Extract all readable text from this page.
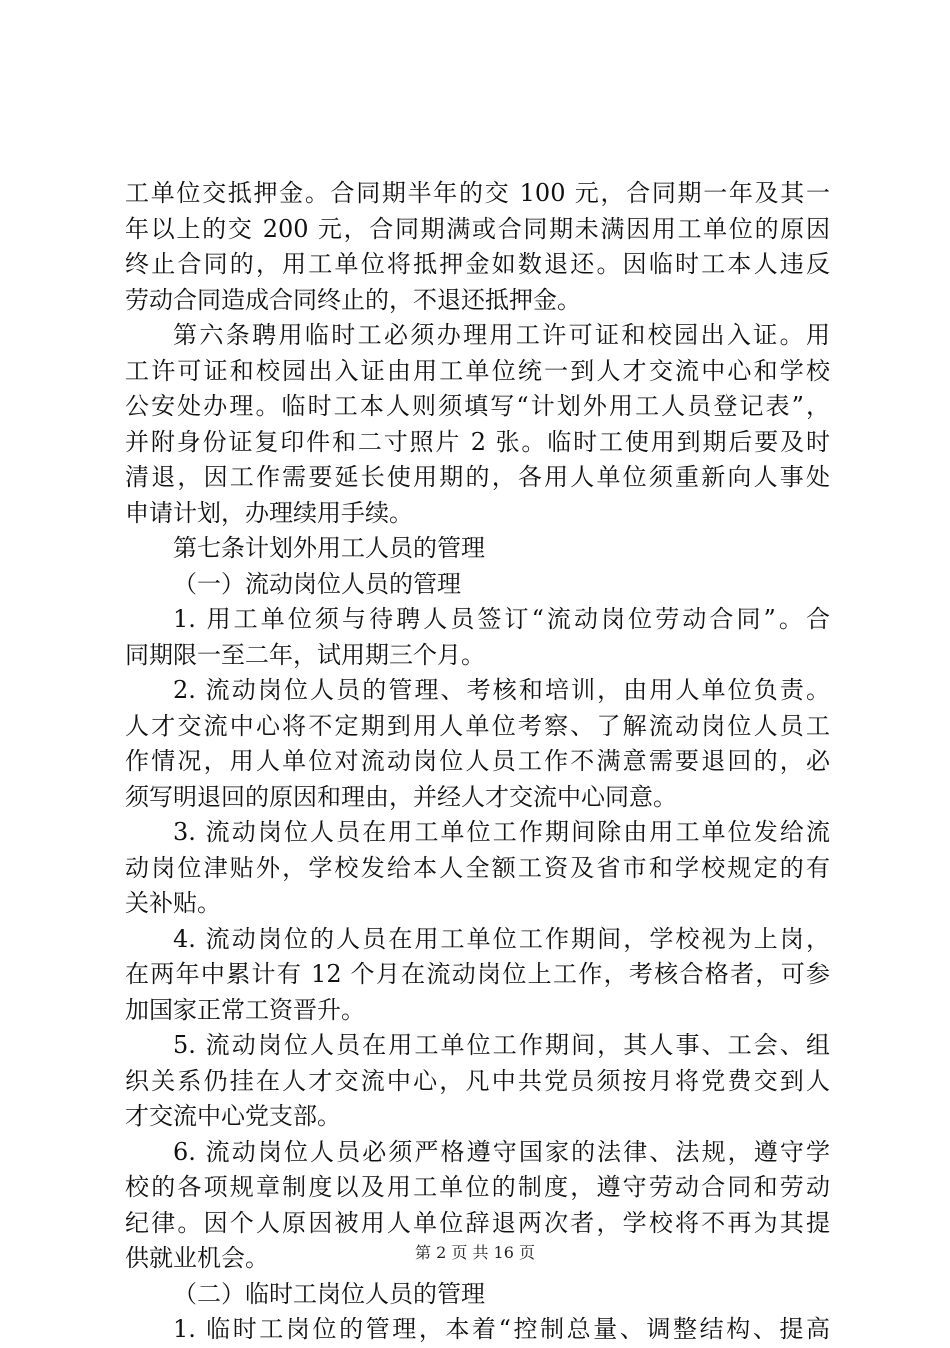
工单位交抵押金。合同期半年的交 100 元，合同期一年及其一
年以上的交 200 元，合同期满或合同期未满因用工单位的原因
终止合同的，用工单位将抵押金如数退还。因临时工本人违反
劳动合同造成合同终止的，不退还抵押金。
第六条聘用临时工必须办理用工许可证和校园出入证。用
工许可证和校园出入证由用工单位统一到人才交流中心和学校
公安处办理。临时工本人则须填写“计划外用工人员登记表”，
并附身份证复印件和二寸照片 2 张。临时工使用到期后要及时
清退，因工作需要延长使用期的，各用人单位须重新向人事处
申请计划，办理续用手续。
第七条计划外用工人员的管理
（一）流动岗位人员的管理
1. 用工单位须与待聘人员签订“流动岗位劳动合同”。合
同期限一至二年，试用期三个月。
2. 流动岗位人员的管理、考核和培训，由用人单位负责。
人才交流中心将不定期到用人单位考察、了解流动岗位人员工
作情况，用人单位对流动岗位人员工作不满意需要退回的，必
须写明退回的原因和理由，并经人才交流中心同意。
3. 流动岗位人员在用工单位工作期间除由用工单位发给流
动岗位津贴外，学校发给本人全额工资及省市和学校规定的有
关补贴。
4. 流动岗位的人员在用工单位工作期间，学校视为上岗，
在两年中累计有 12 个月在流动岗位上工作，考核合格者，可参
加国家正常工资晋升。
5. 流动岗位人员在用工单位工作期间，其人事、工会、组
织关系仍挂在人才交流中心，凡中共党员须按月将党费交到人
才交流中心党支部。
6. 流动岗位人员必须严格遵守国家的法律、法规，遵守学
校的各项规章制度以及用工单位的制度，遵守劳动合同和劳动
纪律。因个人原因被用人单位辞退两次者，学校将不再为其提
供就业机会。
（二）临时工岗位人员的管理
1. 临时工岗位的管理，本着“控制总量、调整结构、提高
第 2 页 共 16 页
